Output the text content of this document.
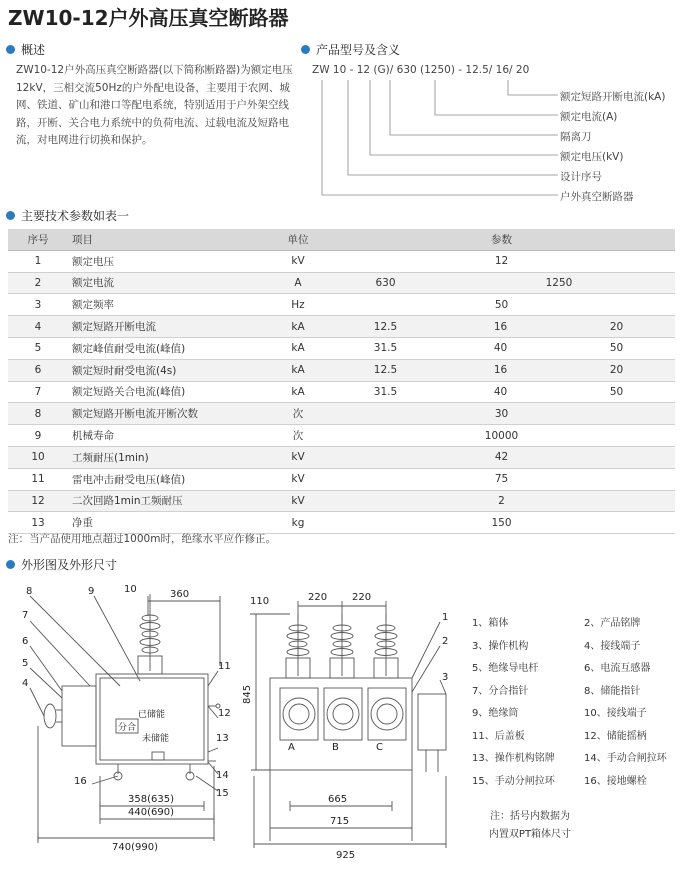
ZW10-12户外高压真空断路器
概述
ZW10-12户外高压真空断路器(以下简称断路器)为额定电压12kV，三相交流50Hz的户外配电设备，主要用于农网、城网、铁道、矿山和港口等配电系统，特别适用于户外架空线路，开断、关合电力系统中的负荷电流、过载电流及短路电流，对电网进行切换和保护。
产品型号及含义
ZW 10 - 12 (G)/ 630 (1250) - 12.5/ 16/ 20
额定短路开断电流(kA)
额定电流(A)
隔离刀
额定电压(kV)
设计序号
户外真空断路器
主要技术参数如表一
序号	项目	单位	参数		
1	额定电压	kV	12		
2	额定电流	A	630	1250	
3	额定频率	Hz	50		
4	额定短路开断电流	kA	12.5	16	20
5	额定峰值耐受电流(峰值)	kA	31.5	40	50
6	额定短时耐受电流(4s)	kA	12.5	16	20
7	额定短路关合电流(峰值)	kA	31.5	40	50
8	额定短路开断电流开断次数	次	30		
9	机械寿命	次	10000		
10	工频耐压(1min)	kV	42		
11	雷电冲击耐受电压(峰值)	kV	75		
12	二次回路1min工频耐压	kV	2		
13	净重	kg	150		
注：当产品使用地点超过1000m时，绝缘水平应作修正。
外形图及外形尺寸
8	9	10
7
6
5
4
11
12
13
14
15
16
360
358(635)
440(690)
740(990)
已储能
分合
未储能
110	220 220
845
665
715
925
1
2
3
A	B	C
1、箱体	2、产品铭牌
3、操作机构	4、接线端子
5、绝缘导电杆	6、电流互感器
7、分合指针	8、储能指针
9、绝缘筒	10、接线端子
11、后盖板	12、储能摇柄
13、操作机构铭牌	14、手动合闸拉环
15、手动分闸拉环	16、接地螺栓
注：括号内数据为
内置双PT箱体尺寸
